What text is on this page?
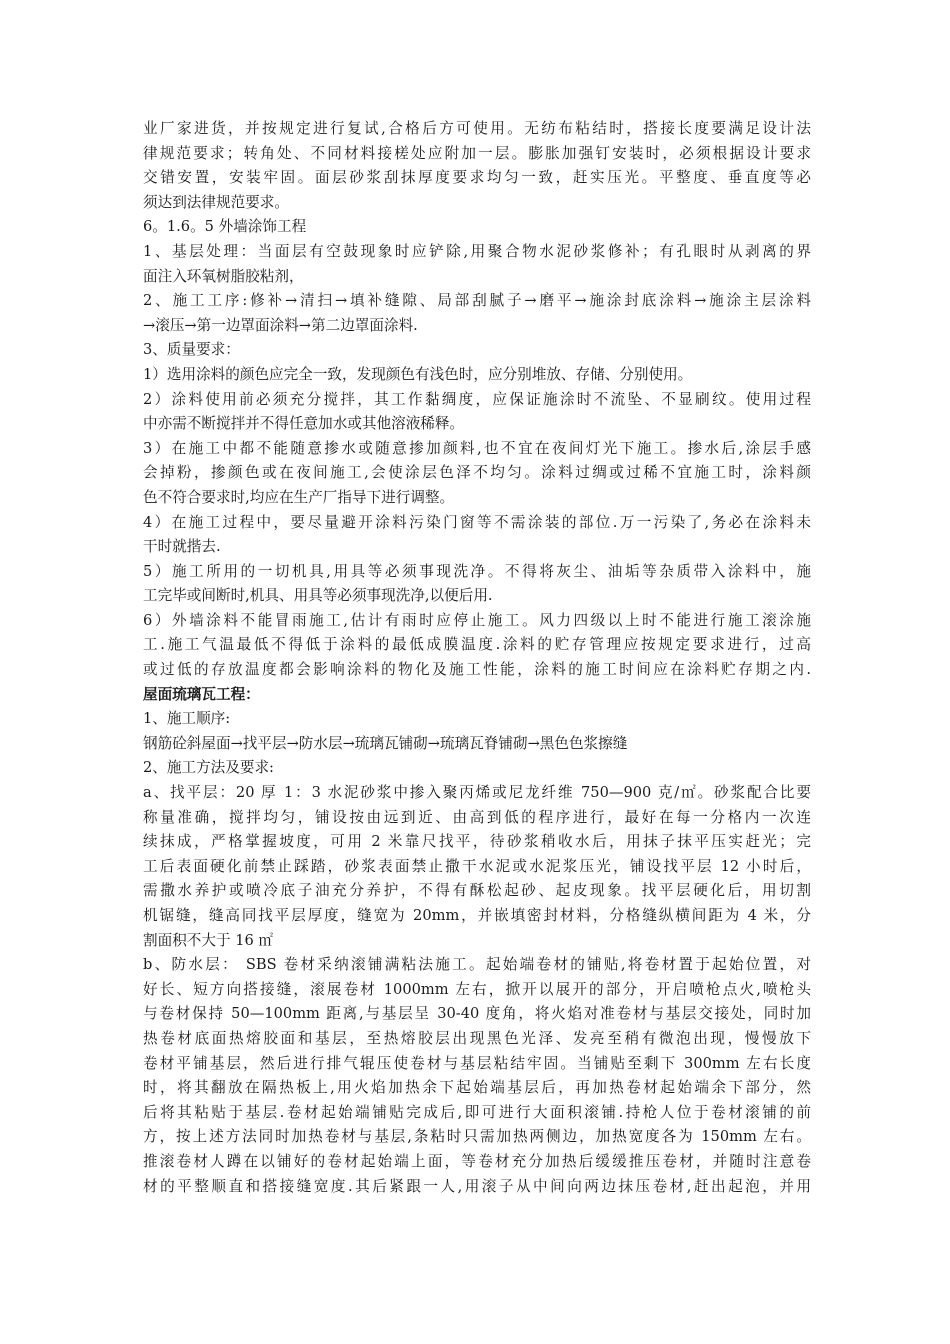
业厂家进货，并按规定进行复试,合格后方可使用。无纺布粘结时，搭接长度要满足设计法
律规范要求；转角处、不同材料接槎处应附加一层。膨胀加强钉安装时，必须根据设计要求
交错安置，安装牢固。面层砂浆刮抹厚度要求均匀一致，赶实压光。平整度、垂直度等必
须达到法律规范要求。
6。1.6。5 外墙涂饰工程
1、基层处理：当面层有空鼓现象时应铲除,用聚合物水泥砂浆修补；有孔眼时从剥离的界
面注入环氧树脂胶粘剂，
2、施工工序:修补→清扫→填补缝隙、局部刮腻子→磨平→施涂封底涂料→施涂主层涂料
→滚压→第一边罩面涂料→第二边罩面涂料.
3、质量要求：
1）选用涂料的颜色应完全一致，发现颜色有浅色时，应分别堆放、存储、分别使用。
2）涂料使用前必须充分搅拌，其工作黏绸度，应保证施涂时不流坠、不显刷纹。使用过程
中亦需不断搅拌并不得任意加水或其他溶液稀释。
3）在施工中都不能随意掺水或随意掺加颜料,也不宜在夜间灯光下施工。掺水后,涂层手感
会掉粉，掺颜色或在夜间施工,会使涂层色泽不均匀。涂料过绸或过稀不宜施工时，涂料颜
色不符合要求时,均应在生产厂指导下进行调整。
4）在施工过程中，要尽量避开涂料污染门窗等不需涂装的部位.万一污染了,务必在涂料未
干时就揩去.
5）施工所用的一切机具,用具等必须事现洗净。不得将灰尘、油垢等杂质带入涂料中，施
工完毕或间断时,机具、用具等必须事现洗净,以便后用.
6）外墙涂料不能冒雨施工,估计有雨时应停止施工。风力四级以上时不能进行施工滚涂施
工.施工气温最低不得低于涂料的最低成膜温度.涂料的贮存管理应按规定要求进行，过高
或过低的存放温度都会影响涂料的物化及施工性能，涂料的施工时间应在涂料贮存期之内.
屋面琉璃瓦工程：
1、施工顺序:
钢筋砼斜屋面→找平层→防水层→琉璃瓦铺砌→琉璃瓦脊铺砌→黑色色浆擦缝
2、施工方法及要求:
a、找平层：20 厚 1：3 水泥砂浆中掺入聚丙烯或尼龙纤维 750—900 克/㎡。砂浆配合比要
称量准确，搅拌均匀，铺设按由远到近、由高到低的程序进行，最好在每一分格内一次连
续抹成，严格掌握坡度，可用 2 米靠尺找平，待砂浆稍收水后，用抹子抹平压实赶光；完
工后表面硬化前禁止踩踏，砂浆表面禁止撒干水泥或水泥浆压光，铺设找平层 12 小时后，
需撒水养护或喷冷底子油充分养护，不得有酥松起砂、起皮现象。找平层硬化后，用切割
机锯缝，缝高同找平层厚度，缝宽为 20mm，并嵌填密封材料，分格缝纵横间距为 4 米，分
割面积不大于 16 ㎡
b、防水层： SBS 卷材采纳滚铺满粘法施工。起始端卷材的铺贴,将卷材置于起始位置，对
好长、短方向搭接缝，滚展卷材 1000mm 左右，掀开以展开的部分，开启喷枪点火,喷枪头
与卷材保持 50—100mm 距离,与基层呈 30-40 度角，将火焰对准卷材与基层交接处，同时加
热卷材底面热熔胶面和基层，至热熔胶层出现黑色光泽、发亮至稍有微泡出现，慢慢放下
卷材平铺基层，然后进行排气辊压使卷材与基层粘结牢固。当铺贴至剩下 300mm 左右长度
时，将其翻放在隔热板上,用火焰加热余下起始端基层后，再加热卷材起始端余下部分，然
后将其粘贴于基层.卷材起始端铺贴完成后,即可进行大面积滚铺.持枪人位于卷材滚铺的前
方，按上述方法同时加热卷材与基层,条粘时只需加热两侧边，加热宽度各为 150mm 左右。
推滚卷材人蹲在以铺好的卷材起始端上面，等卷材充分加热后缓缓推压卷材，并随时注意卷
材的平整顺直和搭接缝宽度.其后紧跟一人,用滚子从中间向两边抹压卷材,赶出起泡，并用
